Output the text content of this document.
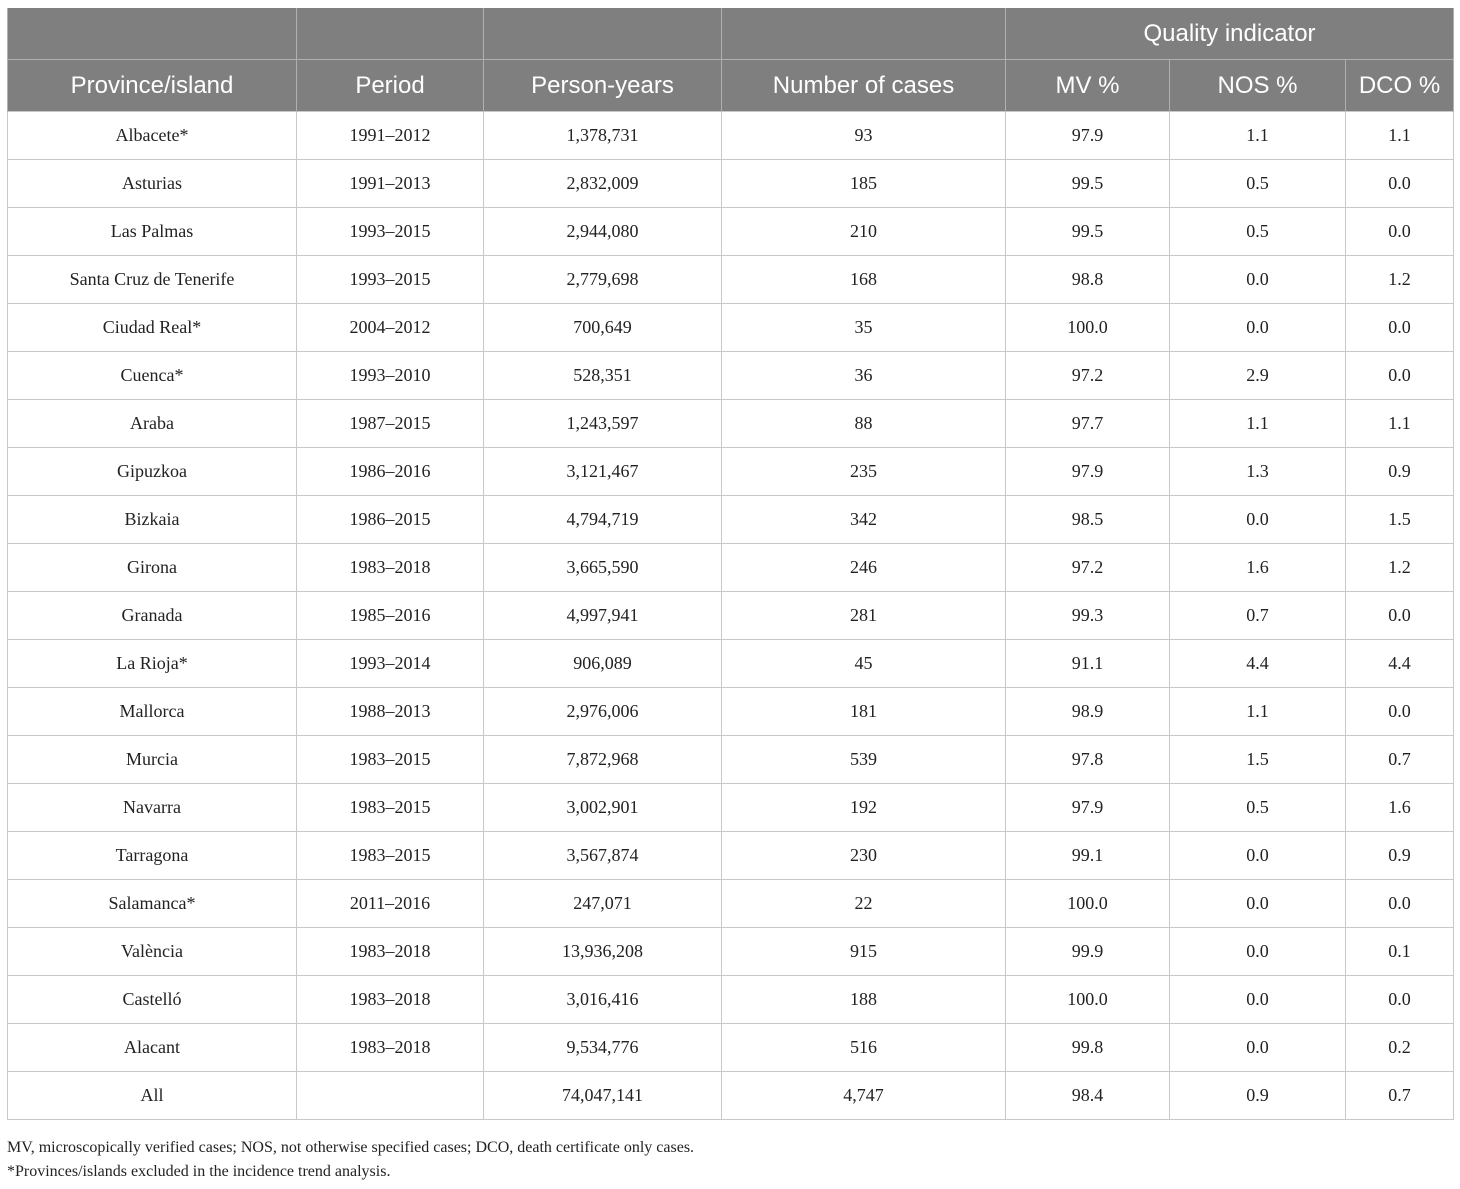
				Quality indicator		
Province/island	Period	Person-years	Number of cases	MV %	NOS %	DCO %
Albacete*	1991–2012	1,378,731	93	97.9	1.1	1.1
Asturias	1991–2013	2,832,009	185	99.5	0.5	0.0
Las Palmas	1993–2015	2,944,080	210	99.5	0.5	0.0
Santa Cruz de Tenerife	1993–2015	2,779,698	168	98.8	0.0	1.2
Ciudad Real*	2004–2012	700,649	35	100.0	0.0	0.0
Cuenca*	1993–2010	528,351	36	97.2	2.9	0.0
Araba	1987–2015	1,243,597	88	97.7	1.1	1.1
Gipuzkoa	1986–2016	3,121,467	235	97.9	1.3	0.9
Bizkaia	1986–2015	4,794,719	342	98.5	0.0	1.5
Girona	1983–2018	3,665,590	246	97.2	1.6	1.2
Granada	1985–2016	4,997,941	281	99.3	0.7	0.0
La Rioja*	1993–2014	906,089	45	91.1	4.4	4.4
Mallorca	1988–2013	2,976,006	181	98.9	1.1	0.0
Murcia	1983–2015	7,872,968	539	97.8	1.5	0.7
Navarra	1983–2015	3,002,901	192	97.9	0.5	1.6
Tarragona	1983–2015	3,567,874	230	99.1	0.0	0.9
Salamanca*	2011–2016	247,071	22	100.0	0.0	0.0
València	1983–2018	13,936,208	915	99.9	0.0	0.1
Castelló	1983–2018	3,016,416	188	100.0	0.0	0.0
Alacant	1983–2018	9,534,776	516	99.8	0.0	0.2
All		74,047,141	4,747	98.4	0.9	0.7

MV, microscopically verified cases; NOS, not otherwise specified cases; DCO, death certificate only cases.

*Provinces/islands excluded in the incidence trend analysis.
